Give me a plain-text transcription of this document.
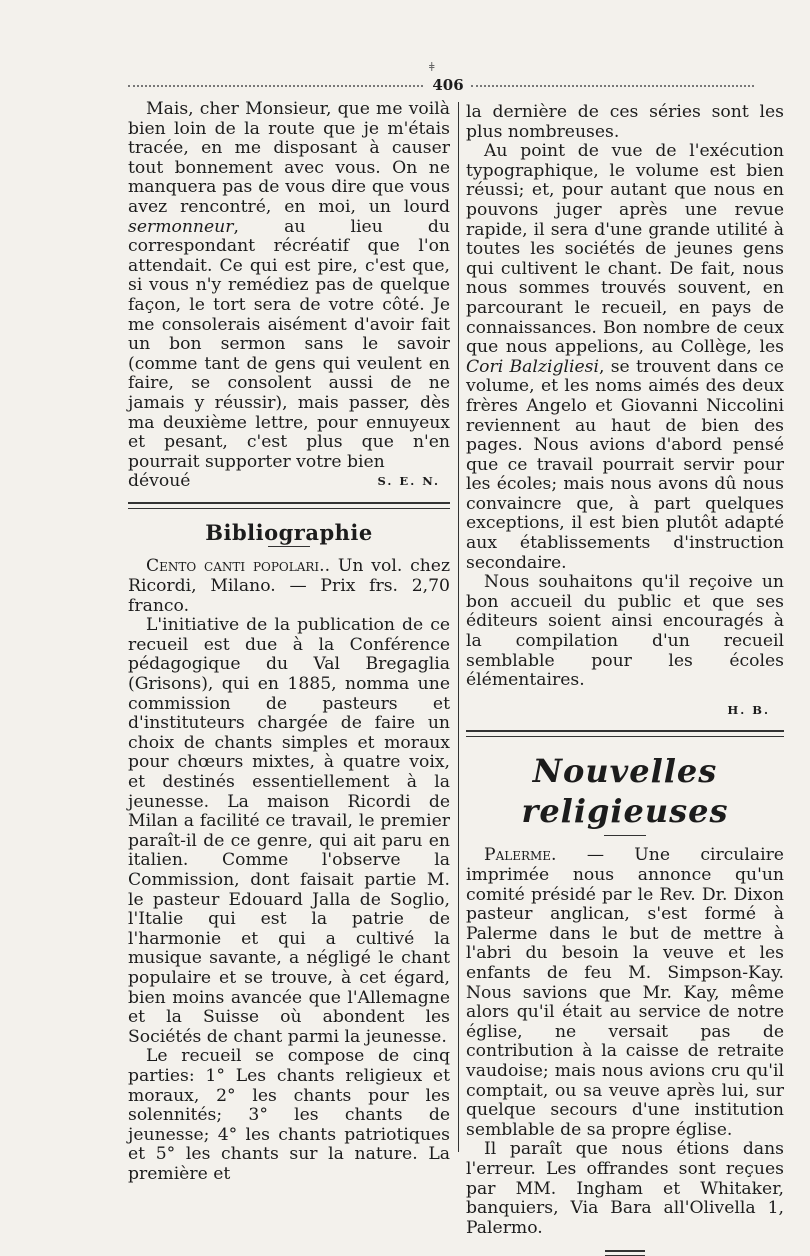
ǂ
406

Mais, cher Monsieur, que me voilà bien loin de la route que je m'étais tracée, en me disposant à causer tout bonnement avec vous. On ne manquera pas de vous dire que vous avez rencontré, en moi, un lourd sermonneur, au lieu du correspondant récréatif que l'on attendait. Ce qui est pire, c'est que, si vous n'y remédiez pas de quelque façon, le tort sera de votre côté. Je me consolerais aisément d'avoir fait un bon sermon sans le savoir (comme tant de gens qui veulent en faire, se consolent aussi de ne jamais y réussir), mais passer, dès ma deuxième lettre, pour ennuyeux et pesant, c'est plus que n'en pourrait supporter votre bien

dévoué	S. E. N.
Bibliographie

Cento canti popolari.. Un vol. chez Ricordi, Milano. — Prix frs. 2,70 franco.

L'initiative de la publication de ce recueil est due à la Conférence pédagogique du Val Bregaglia (Grisons), qui en 1885, nomma une commission de pasteurs et d'instituteurs chargée de faire un choix de chants simples et moraux pour chœurs mixtes, à quatre voix, et destinés essentiellement à la jeunesse. La maison Ricordi de Milan a facilité ce travail, le premier paraît-il de ce genre, qui ait paru en italien. Comme l'observe la Commission, dont faisait partie M. le pasteur Edouard Jalla de Soglio, l'Italie qui est la patrie de l'harmonie et qui a cultivé la musique savante, a négligé le chant populaire et se trouve, à cet égard, bien moins avancée que l'Allemagne et la Suisse où abondent les Sociétés de chant parmi la jeunesse.

Le recueil se compose de cinq parties: 1° Les chants religieux et moraux, 2° les chants pour les solennités; 3° les chants de jeunesse; 4° les chants patriotiques et 5° les chants sur la nature. La première et

la dernière de ces séries sont les plus nombreuses.

Au point de vue de l'exécution typographique, le volume est bien réussi; et, pour autant que nous en pouvons juger après une revue rapide, il sera d'une grande utilité à toutes les sociétés de jeunes gens qui cultivent le chant. De fait, nous nous sommes trouvés souvent, en parcourant le recueil, en pays de connaissances. Bon nombre de ceux que nous appelions, au Collège, les Cori Balzigliesi, se trouvent dans ce volume, et les noms aimés des deux frères Angelo et Giovanni Niccolini reviennent au haut de bien des pages. Nous avions d'abord pensé que ce travail pourrait servir pour les écoles; mais nous avons dû nous convaincre que, à part quelques exceptions, il est bien plutôt adapté aux établissements d'instruction secondaire.

Nous souhaitons qu'il reçoive un bon accueil du public et que ses éditeurs soient ainsi encouragés à la compilation d'un recueil semblable pour les écoles élémentaires.

H. B.
Nouvelles religieuses

Palerme. — Une circulaire imprimée nous annonce qu'un comité présidé par le Rev. Dr. Dixon pasteur anglican, s'est formé à Palerme dans le but de mettre à l'abri du besoin la veuve et les enfants de feu M. Simpson-Kay. Nous savions que Mr. Kay, même alors qu'il était au service de notre église, ne versait pas de contribution à la caisse de retraite vaudoise; mais nous avions cru qu'il comptait, ou sa veuve après lui, sur quelque secours d'une institution semblable de sa propre église.

Il paraît que nous étions dans l'erreur. Les offrandes sont reçues par MM. Ingham et Whitaker, banquiers, Via Bara all'Olivella 1, Palermo.
